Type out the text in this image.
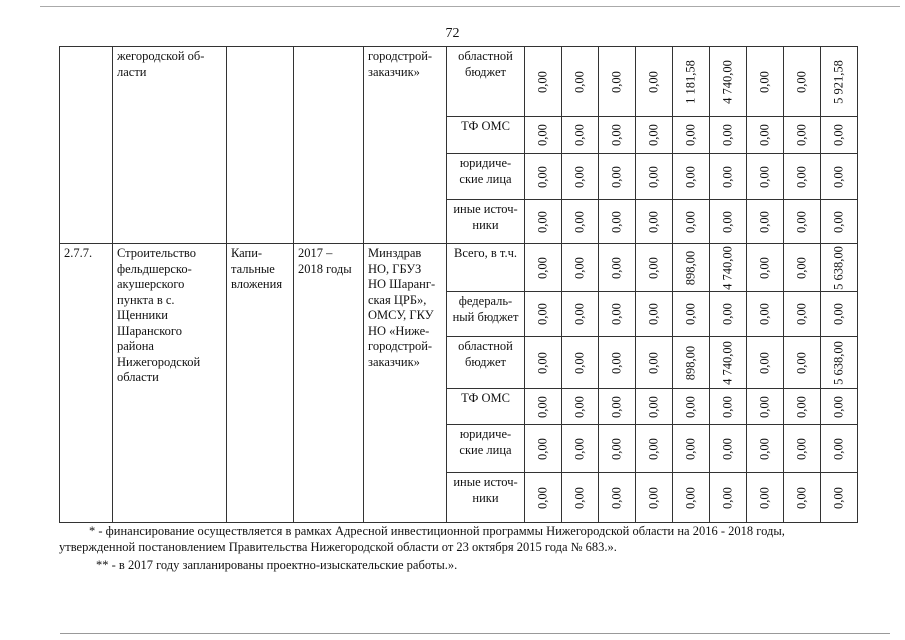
72
	жегородской об-ласти			городстрой-заказчик»	областной бюджет	0,00	0,00	0,00	0,00	1 181,58	4 740,00	0,00	0,00	5 921,58

					ТФ ОМС	0,00	0,00	0,00	0,00	0,00	0,00	0,00	0,00	0,00

					юридиче-ские лица	0,00	0,00	0,00	0,00	0,00	0,00	0,00	0,00	0,00

					иные источ-ники	0,00	0,00	0,00	0,00	0,00	0,00	0,00	0,00	0,00

2.7.7.	Строительство фельдшерско-акушерского пункта в с. Щенники Шаранского района Нижегородской области	Капи-тальные вложения	2017 – 2018 годы	Минздрав НО, ГБУЗ НО Шаранг-ская ЦРБ», ОМСУ, ГКУ НО «Ниже-городстрой-заказчик»	Всего, в т.ч.	0,00	0,00	0,00	0,00	898,00	4 740,00	0,00	0,00	5 638,00

					федераль-ный бюджет	0,00	0,00	0,00	0,00	0,00	0,00	0,00	0,00	0,00

					областной бюджет	0,00	0,00	0,00	0,00	898,00	4 740,00	0,00	0,00	5 638,00

					ТФ ОМС	0,00	0,00	0,00	0,00	0,00	0,00	0,00	0,00	0,00

					юридиче-ские лица	0,00	0,00	0,00	0,00	0,00	0,00	0,00	0,00	0,00

					иные источ-ники	0,00	0,00	0,00	0,00	0,00	0,00	0,00	0,00	0,00
* - финансирование осуществляется в рамках Адресной инвестиционной программы Нижегородской области на 2016 - 2018 годы, утвержденной постановлением Правительства Нижегородской области от 23 октября 2015 года № 683.».
** - в 2017 году запланированы проектно-изыскательские работы.».
